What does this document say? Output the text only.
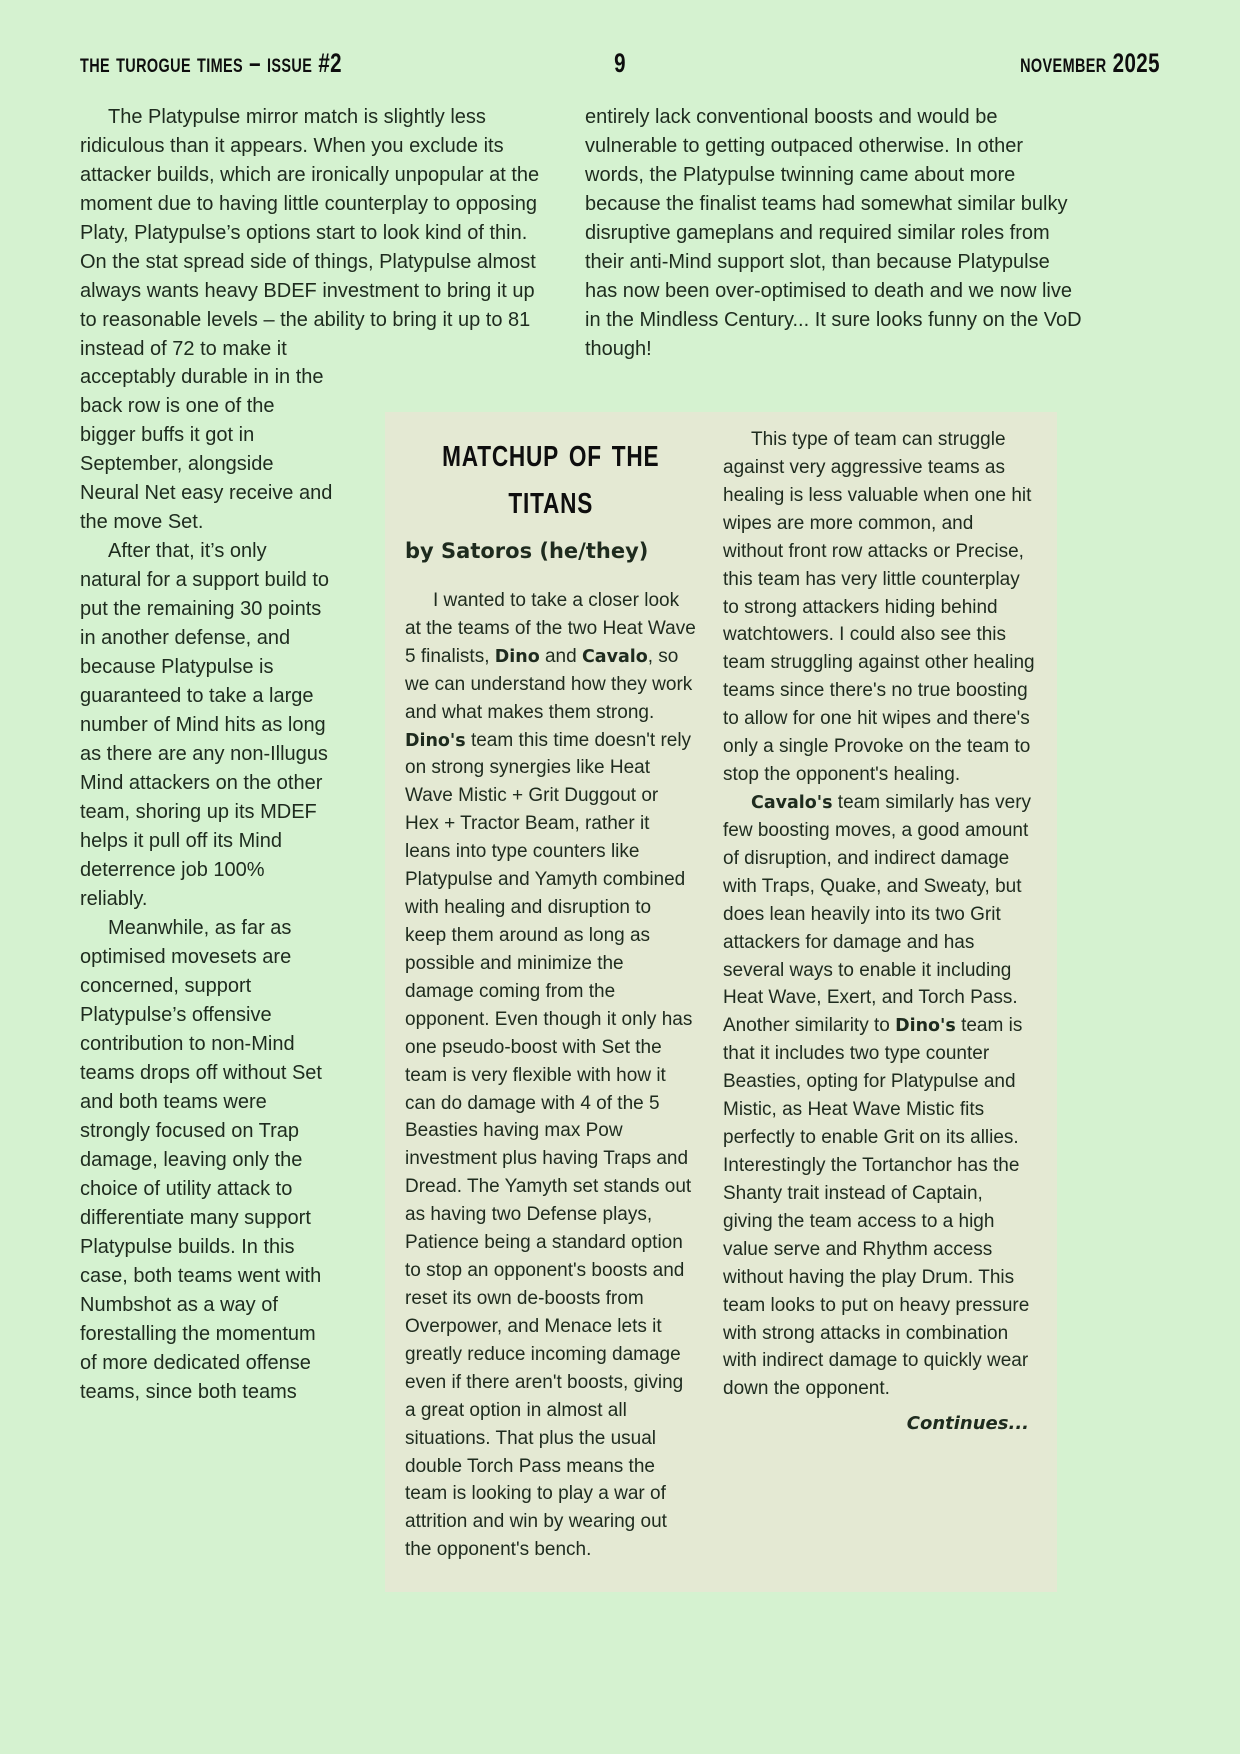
the turogue times – issue #2	9	november 2025

The Platypulse mirror match is slightly less ridiculous than it appears. When you exclude its attacker builds, which are ironically unpopular at the moment due to having little counterplay to opposing Platy, Platypulse’s options start to look kind of thin. On the stat spread side of things, Platypulse almost always wants heavy BDEF investment to bring it up to reasonable levels – the ability to bring it up to 81 instead of 72 to make it

entirely lack conventional boosts and would be vulnerable to getting outpaced otherwise. In other words, the Platypulse twinning came about more because the finalist teams had somewhat similar bulky disruptive gameplans and required similar roles from their anti-Mind support slot, than because Platypulse has now been over-optimised to death and we now live in the Mindless Century... It sure looks funny on the VoD though!

acceptably durable in in the back row is one of the bigger buffs it got in September, alongside Neural Net easy receive and the move Set.

After that, it’s only natural for a support build to put the remaining 30 points in another defense, and because Platypulse is guaranteed to take a large number of Mind hits as long as there are any non-Illugus Mind attackers on the other team, shoring up its MDEF helps it pull off its Mind deterrence job 100% reliably.

Meanwhile, as far as optimised movesets are concerned, support Platypulse’s offensive contribution to non-Mind teams drops off without Set and both teams were strongly focused on Trap damage, leaving only the choice of utility attack to differentiate many support Platypulse builds. In this case, both teams went with Numbshot as a way of forestalling the momentum of more dedicated offense teams, since both teams

matchup of the titans
by Satoros (he/they)

I wanted to take a closer look at the teams of the two Heat Wave 5 finalists, Dino and Cavalo, so we can understand how they work and what makes them strong. Dino's team this time doesn't rely on strong synergies like Heat Wave Mistic + Grit Duggout or Hex + Tractor Beam, rather it leans into type counters like Platypulse and Yamyth combined with healing and disruption to keep them around as long as possible and minimize the damage coming from the opponent. Even though it only has one pseudo-boost with Set the team is very flexible with how it can do damage with 4 of the 5 Beasties having max Pow investment plus having Traps and Dread. The Yamyth set stands out as having two Defense plays, Patience being a standard option to stop an opponent's boosts and reset its own de-boosts from Overpower, and Menace lets it greatly reduce incoming damage even if there aren't boosts, giving a great option in almost all situations. That plus the usual double Torch Pass means the team is looking to play a war of attrition and win by wearing out the opponent's bench.

This type of team can struggle against very aggressive teams as healing is less valuable when one hit wipes are more common, and without front row attacks or Precise, this team has very little counterplay to strong attackers hiding behind watchtowers. I could also see this team struggling against other healing teams since there's no true boosting to allow for one hit wipes and there's only a single Provoke on the team to stop the opponent's healing.

Cavalo's team similarly has very few boosting moves, a good amount of disruption, and indirect damage with Traps, Quake, and Sweaty, but does lean heavily into its two Grit attackers for damage and has several ways to enable it including Heat Wave, Exert, and Torch Pass. Another similarity to Dino's team is that it includes two type counter Beasties, opting for Platypulse and Mistic, as Heat Wave Mistic fits perfectly to enable Grit on its allies. Interestingly the Tortanchor has the Shanty trait instead of Captain, giving the team access to a high value serve and Rhythm access without having the play Drum. This team looks to put on heavy pressure with strong attacks in combination with indirect damage to quickly wear down the opponent.

Continues...
